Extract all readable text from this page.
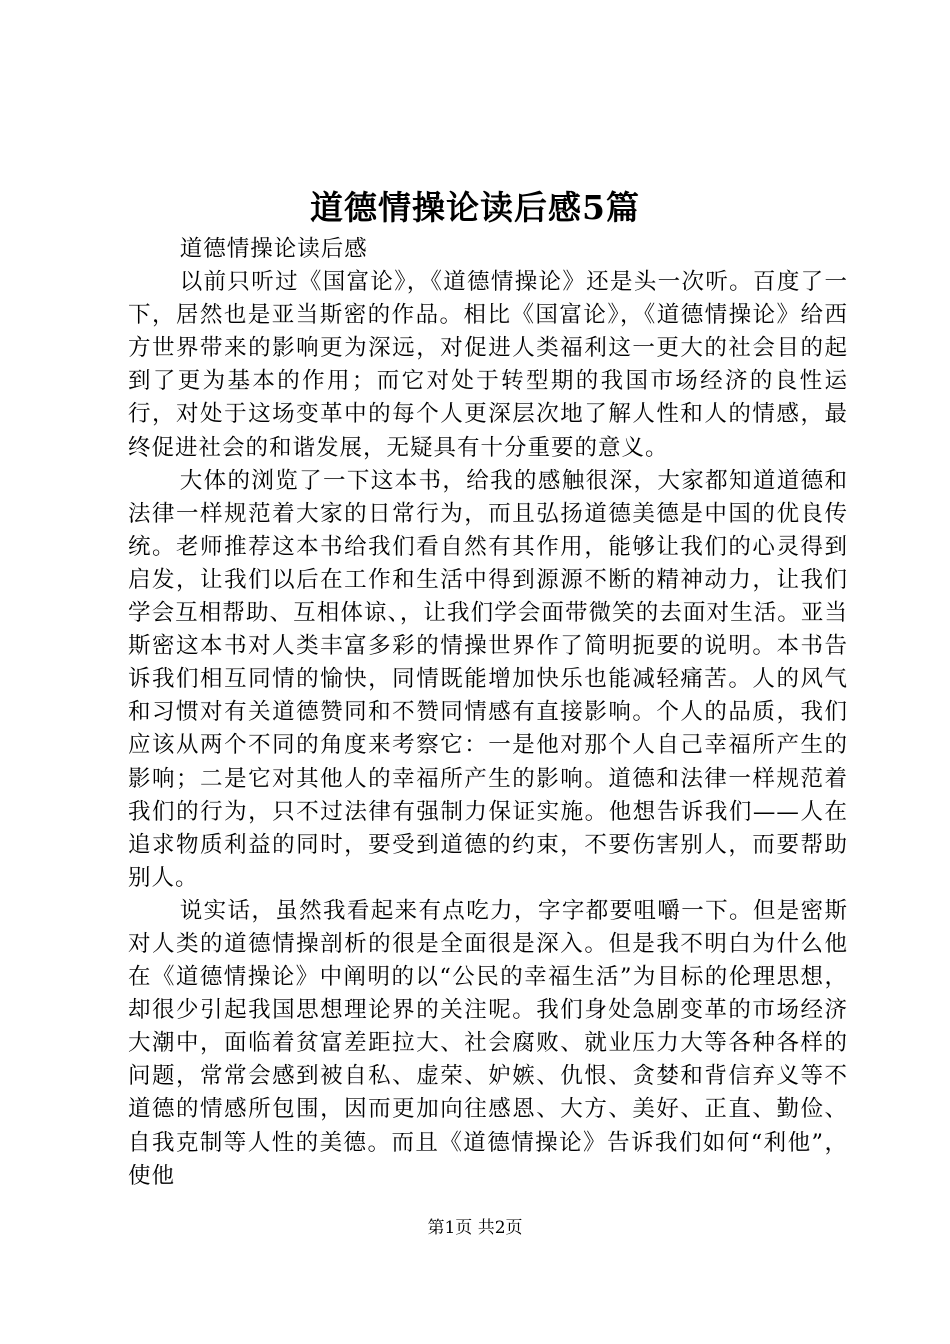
道德情操论读后感5篇

道德情操论读后感

以前只听过《国富论》，《道德情操论》还是头一次听。百度了一下，居然也是亚当斯密的作品。相比《国富论》，《道德情操论》给西方世界带来的影响更为深远，对促进人类福利这一更大的社会目的起到了更为基本的作用；而它对处于转型期的我国市场经济的良性运行，对处于这场变革中的每个人更深层次地了解人性和人的情感，最终促进社会的和谐发展，无疑具有十分重要的意义。

大体的浏览了一下这本书，给我的感触很深，大家都知道道德和法律一样规范着大家的日常行为，而且弘扬道德美德是中国的优良传统。老师推荐这本书给我们看自然有其作用，能够让我们的心灵得到启发，让我们以后在工作和生活中得到源源不断的精神动力，让我们学会互相帮助、互相体谅、，让我们学会面带微笑的去面对生活。亚当斯密这本书对人类丰富多彩的情操世界作了简明扼要的说明。本书告诉我们相互同情的愉快，同情既能增加快乐也能减轻痛苦。人的风气和习惯对有关道德赞同和不赞同情感有直接影响。个人的品质，我们应该从两个不同的角度来考察它：一是他对那个人自己幸福所产生的影响；二是它对其他人的幸福所产生的影响。道德和法律一样规范着我们的行为，只不过法律有强制力保证实施。他想告诉我们——人在追求物质利益的同时，要受到道德的约束，不要伤害别人，而要帮助别人。

说实话，虽然我看起来有点吃力，字字都要咀嚼一下。但是密斯对人类的道德情操剖析的很是全面很是深入。但是我不明白为什么他在《道德情操论》中阐明的以“公民的幸福生活”为目标的伦理思想，却很少引起我国思想理论界的关注呢。我们身处急剧变革的市场经济大潮中，面临着贫富差距拉大、社会腐败、就业压力大等各种各样的问题，常常会感到被自私、虚荣、妒嫉、仇恨、贪婪和背信弃义等不道德的情感所包围，因而更加向往感恩、大方、美好、正直、勤俭、自我克制等人性的美德。而且《道德情操论》告诉我们如何“利他”，使他

第1页 共2页
